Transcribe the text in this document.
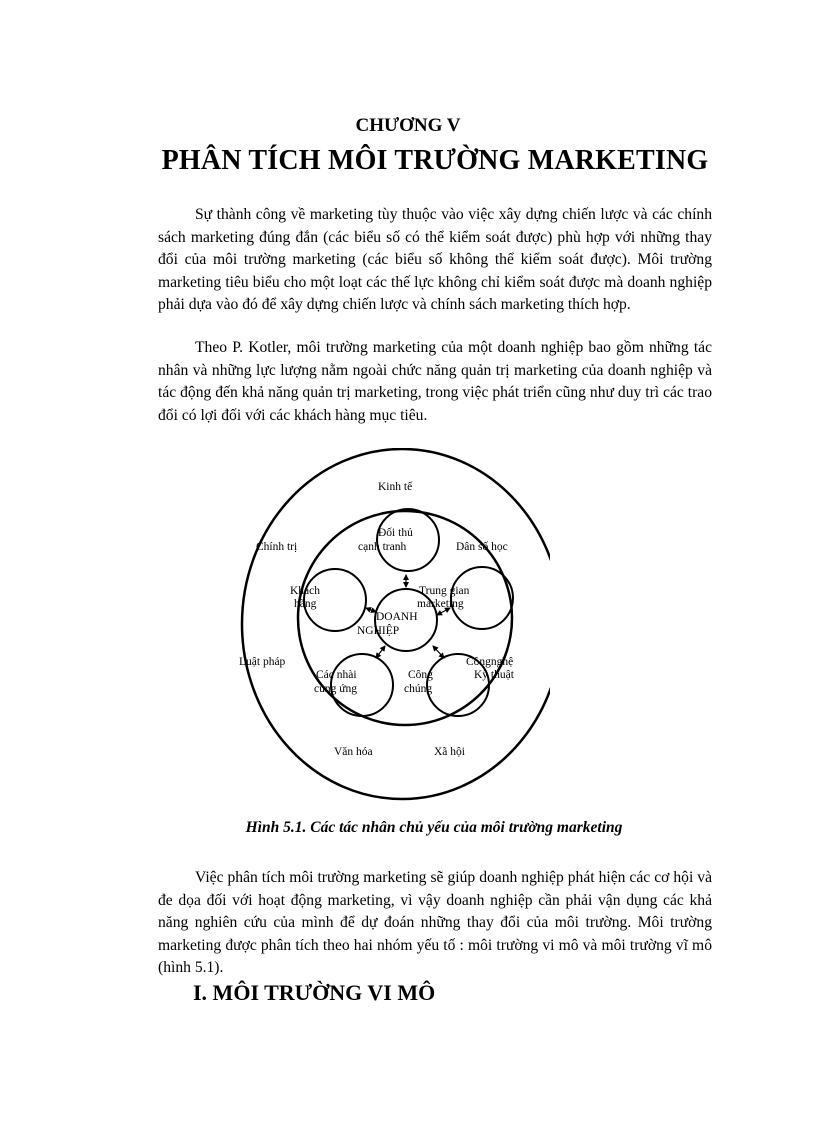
CHƯƠNG V
PHÂN TÍCH MÔI TRƯỜNG MARKETING

Sự thành công về marketing tùy thuộc vào việc xây dựng chiến lược và các chính sách marketing đúng đắn (các biểu số có thể kiểm soát được) phù hợp với những thay đổi của môi trường marketing (các biểu số không thể kiểm soát được). Môi trường marketing tiêu biểu cho một loạt các thế lực không chỉ kiểm soát được mà doanh nghiệp phải dựa vào đó để xây dựng chiến lược và chính sách marketing thích hợp.

Theo P. Kotler, môi trường marketing của một doanh nghiệp bao gồm những tác nhân và những lực lượng nằm ngoài chức năng quản trị marketing của doanh nghiệp và tác động đến khả năng quản trị marketing, trong việc phát triển cũng như duy trì các trao đổi có lợi đối với các khách hàng mục tiêu.

Kinh tế
Chính trị	Dân số học
Luật pháp	Côngnghệ
Kỹ thuật
Văn hóa	Xã hội
Đối thủ
cạnh tranh
Khách
hàng
Trung gian
marketing
DOANH
NGHIỆP
Các nhài
cung ứng
Công
chúng
Hình 5.1. Các tác nhân chủ yếu của môi trường marketing

Việc phân tích môi trường marketing sẽ giúp doanh nghiệp phát hiện các cơ hội và đe dọa đối với hoạt động marketing, vì vậy doanh nghiệp cần phải vận dụng các khả năng nghiên cứu của mình để dự đoán những thay đổi của môi trường. Môi trường marketing được phân tích theo hai nhóm yếu tố : môi trường vi mô và môi trường vĩ mô (hình 5.1).

I. MÔI TRƯỜNG VI MÔ
